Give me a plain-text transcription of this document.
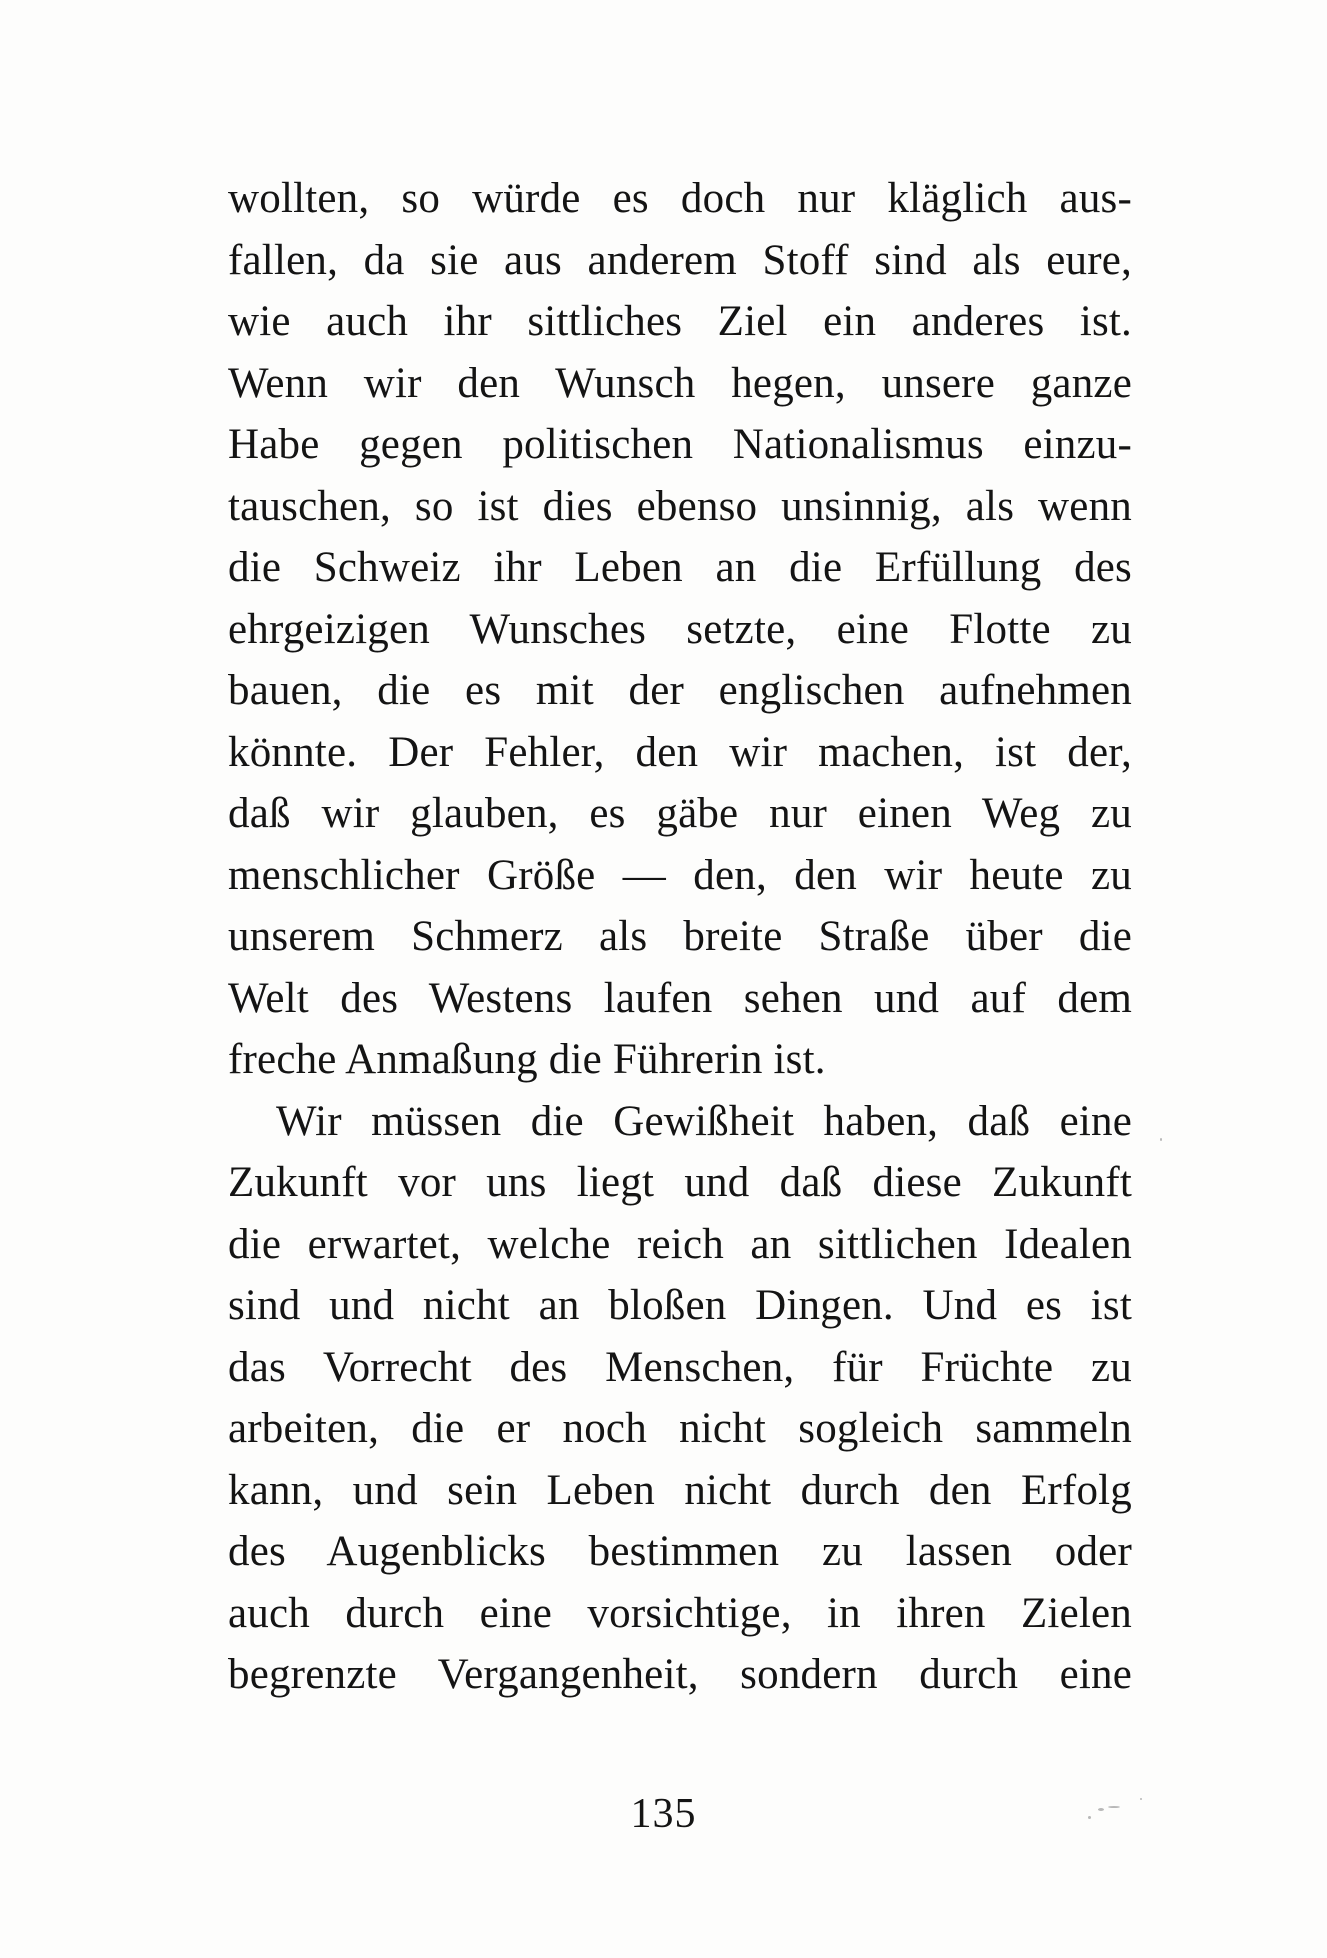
wollten, so würde es doch nur kläglich aus-
fallen, da sie aus anderem Stoff sind als eure,
wie auch ihr sittliches Ziel ein anderes ist.
Wenn wir den Wunsch hegen, unsere ganze
Habe gegen politischen Nationalismus einzu-
tauschen, so ist dies ebenso unsinnig, als wenn
die Schweiz ihr Leben an die Erfüllung des
ehrgeizigen Wunsches setzte, eine Flotte zu
bauen, die es mit der englischen aufnehmen
könnte. Der Fehler, den wir machen, ist der,
daß wir glauben, es gäbe nur einen Weg zu
menschlicher Größe — den, den wir heute zu
unserem Schmerz als breite Straße über die
Welt des Westens laufen sehen und auf dem
freche Anmaßung die Führerin ist.
Wir müssen die Gewißheit haben, daß eine
Zukunft vor uns liegt und daß diese Zukunft
die erwartet, welche reich an sittlichen Idealen
sind und nicht an bloßen Dingen. Und es ist
das Vorrecht des Menschen, für Früchte zu
arbeiten, die er noch nicht sogleich sammeln
kann, und sein Leben nicht durch den Erfolg
des Augenblicks bestimmen zu lassen oder
auch durch eine vorsichtige, in ihren Zielen
begrenzte Vergangenheit, sondern durch eine
135
